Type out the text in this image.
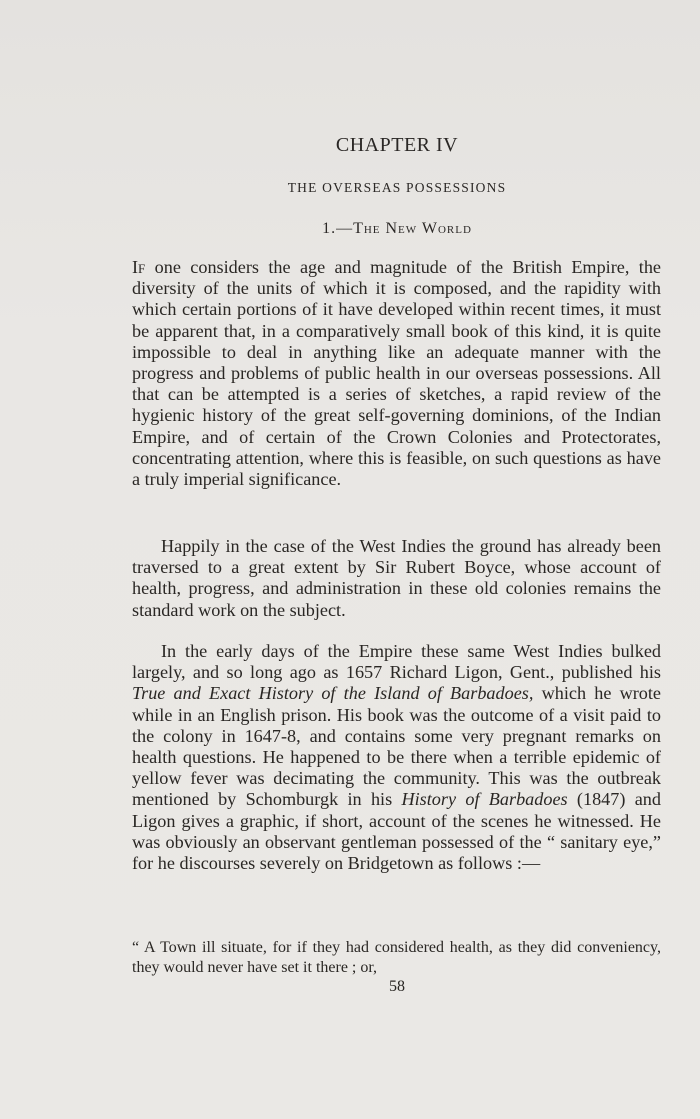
CHAPTER IV
THE OVERSEAS POSSESSIONS
1.—The New World

If one considers the age and magnitude of the British Empire, the diversity of the units of which it is composed, and the rapidity with which certain portions of it have developed within recent times, it must be apparent that, in a comparatively small book of this kind, it is quite impossible to deal in anything like an adequate manner with the progress and problems of public health in our overseas possessions. All that can be attempted is a series of sketches, a rapid review of the hygienic history of the great self-governing dominions, of the Indian Empire, and of certain of the Crown Colonies and Protectorates, concentrating attention, where this is feasible, on such questions as have a truly imperial significance.

Happily in the case of the West Indies the ground has already been traversed to a great extent by Sir Rubert Boyce, whose account of health, progress, and administration in these old colonies remains the standard work on the subject.

In the early days of the Empire these same West Indies bulked largely, and so long ago as 1657 Richard Ligon, Gent., published his True and Exact History of the Island of Barbadoes, which he wrote while in an English prison. His book was the outcome of a visit paid to the colony in 1647-8, and contains some very pregnant remarks on health questions. He happened to be there when a terrible epidemic of yellow fever was decimating the community. This was the outbreak mentioned by Schomburgk in his History of Barbadoes (1847) and Ligon gives a graphic, if short, account of the scenes he witnessed. He was obviously an observant gentleman possessed of the “ sanitary eye,” for he discourses severely on Bridgetown as follows :—

“ A Town ill situate, for if they had considered health, as they did conveniency, they would never have set it there ; or,
58
